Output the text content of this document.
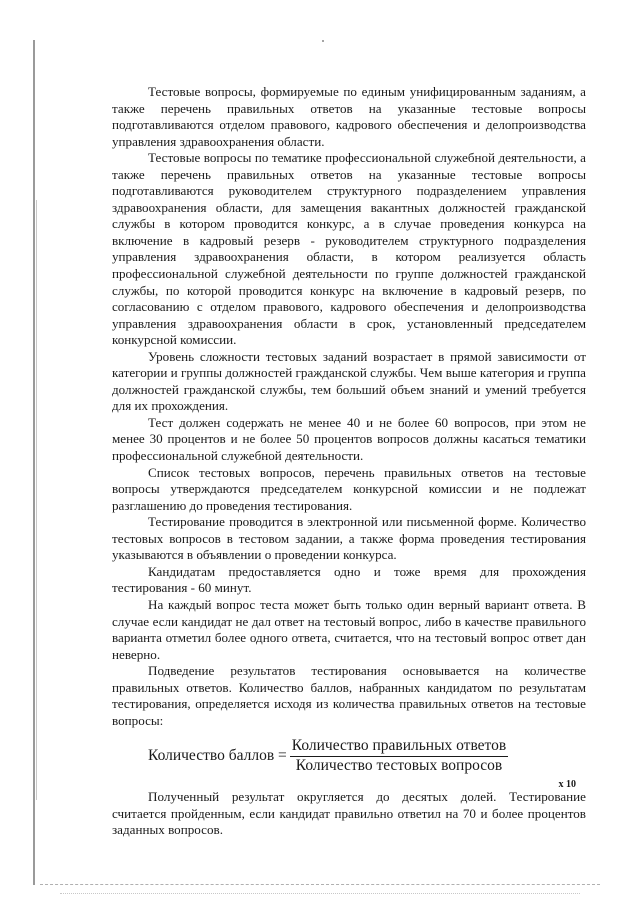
Тестовые вопросы, формируемые по единым унифицированным заданиям, а также перечень правильных ответов на указанные тестовые вопросы подготавливаются отделом правового, кадрового обеспечения и делопроизводства управления здравоохранения области.

Тестовые вопросы по тематике профессиональной служебной деятельности, а также перечень правильных ответов на указанные тестовые вопросы подготавливаются руководителем структурного подразделением управления здравоохранения области, для замещения вакантных должностей гражданской службы в котором проводится конкурс, а в случае проведения конкурса на включение в кадровый резерв - руководителем структурного подразделения управления здравоохранения области, в котором реализуется область профессиональной служебной деятельности по группе должностей гражданской службы, по которой проводится конкурс на включение в кадровый резерв, по согласованию с отделом правового, кадрового обеспечения и делопроизводства управления здравоохранения области в срок, установленный председателем конкурсной комиссии.

Уровень сложности тестовых заданий возрастает в прямой зависимости от категории и группы должностей гражданской службы. Чем выше категория и группа должностей гражданской службы, тем больший объем знаний и умений требуется для их прохождения.

Тест должен содержать не менее 40 и не более 60 вопросов, при этом не менее 30 процентов и не более 50 процентов вопросов должны касаться тематики профессиональной служебной деятельности.

Список тестовых вопросов, перечень правильных ответов на тестовые вопросы утверждаются председателем конкурсной комиссии и не подлежат разглашению до проведения тестирования.

Тестирование проводится в электронной или письменной форме. Количество тестовых вопросов в тестовом задании, а также форма проведения тестирования указываются в объявлении о проведении конкурса.

Кандидатам предоставляется одно и тоже время для прохождения тестирования - 60 минут.

На каждый вопрос теста может быть только один верный вариант ответа. В случае если кандидат не дал ответ на тестовый вопрос, либо в качестве правильного варианта отметил более одного ответа, считается, что на тестовый вопрос ответ дан неверно.

Подведение результатов тестирования основывается на количестве правильных ответов. Количество баллов, набранных кандидатом по результатам тестирования, определяется исходя из количества правильных ответов на тестовые вопросы:

Количество баллов = $\frac{\text{Количество правильных ответов}}{\text{Количество тестовых вопросов}}$
x 10

Полученный результат округляется до десятых долей. Тестирование считается пройденным, если кандидат правильно ответил на 70 и более процентов заданных вопросов.
